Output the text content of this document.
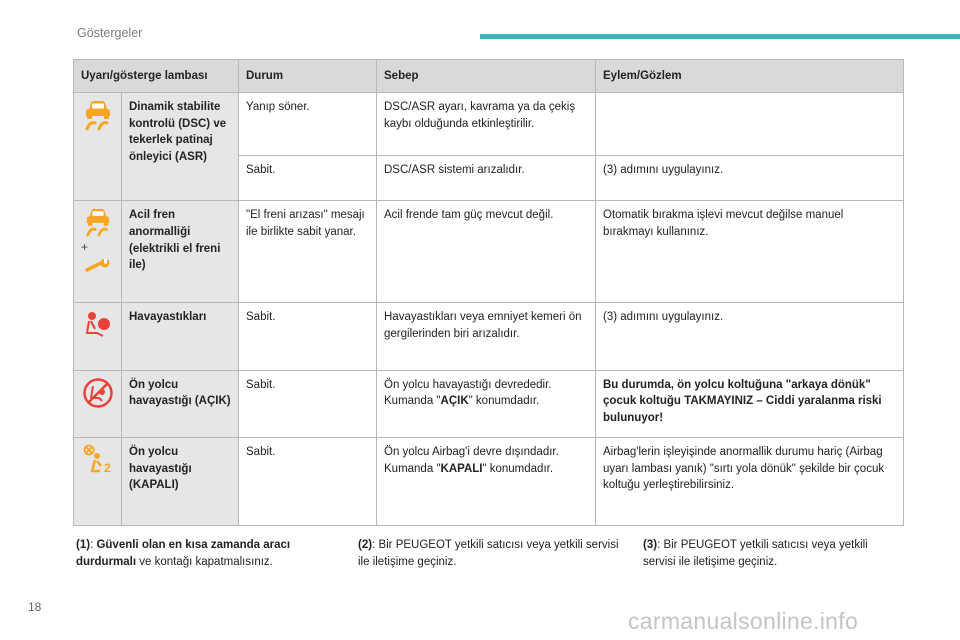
Göstergeler
Uyarı/gösterge lambası		Durum	Sebep	Eylem/Gözlem

	Dinamik stabilite kontrolü (DSC) ve tekerlek patinaj önleyici (ASR)	Yanıp söner.	DSC/ASR ayarı, kavrama ya da çekiş kaybı olduğunda etkinleştirilir.	
		Sabit.	DSC/ASR sistemi arızalıdır.	(3) adımını uygulayınız.

+	Acil fren anormalliği (elektrikli el freni ile)	"El freni arızası" mesajı ile birlikte sabit yanar.	Acil frende tam güç mevcut değil.	Otomatik bırakma işlevi mevcut değilse manuel bırakmayı kullanınız.

	Havayastıkları	Sabit.	Havayastıkları veya emniyet kemeri ön gergilerinden biri arızalıdır.	(3) adımını uygulayınız.

	Ön yolcu havayastığı (AÇIK)	Sabit.	Ön yolcu havayastığı devrededir. Kumanda "AÇIK" konumdadır.	Bu durumda, ön yolcu koltuğuna "arkaya dönük" çocuk koltuğu TAKMAYINIZ – Ciddi yaralanma riski bulunuyor!

2	Ön yolcu havayastığı (KAPALI)	Sabit.	Ön yolcu Airbag'i devre dışındadır. Kumanda "KAPALI" konumdadır.	Airbag'lerin işleyişinde anormallik durumu hariç (Airbag uyarı lambası yanık) "sırtı yola dönük" şekilde bir çocuk koltuğu yerleştirebilirsiniz.
(1): Güvenli olan en kısa zamanda aracı durdurmalı ve kontağı kapatmalısınız.
(2): Bir PEUGEOT yetkili satıcısı veya yetkili servisi ile iletişime geçiniz.
(3): Bir PEUGEOT yetkili satıcısı veya yetkili servisi ile iletişime geçiniz.
18
carmanualsonline.info
